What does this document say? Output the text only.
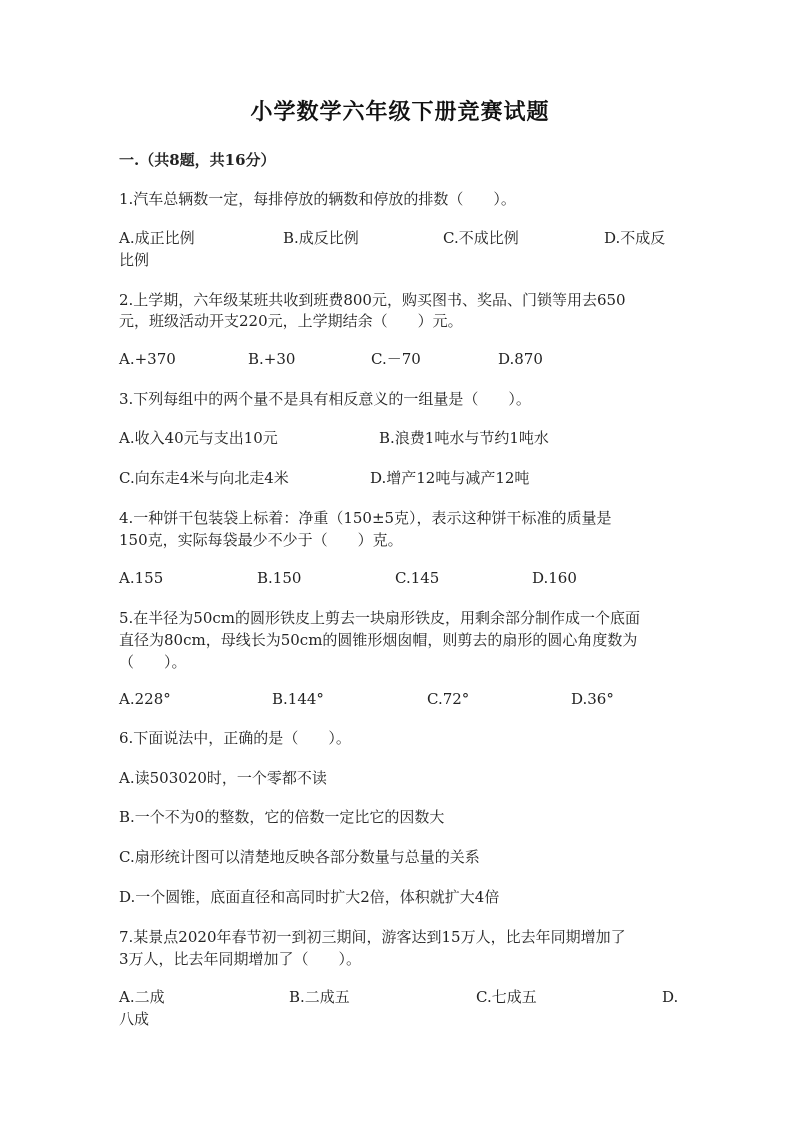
小学数学六年级下册竞赛试题
一.（共8题，共16分）
1.汽车总辆数一定，每排停放的辆数和停放的排数（　　）。
A.成正比例	B.成反比例	C.不成比例	D.不成反
比例
2.上学期，六年级某班共收到班费800元，购买图书、奖品、门锁等用去650
元，班级活动开支220元，上学期结余（　　）元。
A.+370	B.+30	C.－70	D.870
3.下列每组中的两个量不是具有相反意义的一组量是（　　）。
A.收入40元与支出10元	B.浪费1吨水与节约1吨水
C.向东走4米与向北走4米	D.增产12吨与减产12吨
4.一种饼干包装袋上标着：净重（150±5克），表示这种饼干标准的质量是
150克，实际每袋最少不少于（　　）克。
A.155	B.150	C.145	D.160
5.在半径为50cm的圆形铁皮上剪去一块扇形铁皮，用剩余部分制作成一个底面
直径为80cm，母线长为50cm的圆锥形烟囱帽，则剪去的扇形的圆心角度数为
（　　）。
A.228°	B.144°	C.72°	D.36°
6.下面说法中，正确的是（　　）。
A.读503020时，一个零都不读
B.一个不为0的整数，它的倍数一定比它的因数大
C.扇形统计图可以清楚地反映各部分数量与总量的关系
D.一个圆锥，底面直径和高同时扩大2倍，体积就扩大4倍
7.某景点2020年春节初一到初三期间，游客达到15万人，比去年同期增加了
3万人，比去年同期增加了（　　）。
A.二成	B.二成五	C.七成五	D.
八成
